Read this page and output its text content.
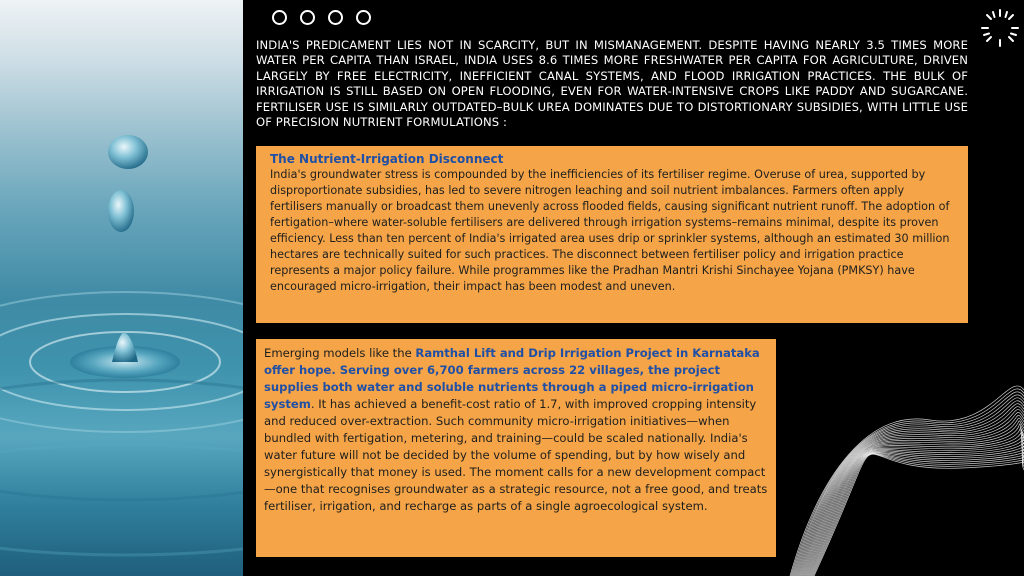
INDIA'S PREDICAMENT LIES NOT IN SCARCITY, BUT IN MISMANAGEMENT. DESPITE HAVING NEARLY 3.5 TIMES MORE WATER PER CAPITA THAN ISRAEL, INDIA USES 8.6 TIMES MORE FRESHWATER PER CAPITA FOR AGRICULTURE, DRIVEN LARGELY BY FREE ELECTRICITY, INEFFICIENT CANAL SYSTEMS, AND FLOOD IRRIGATION PRACTICES. THE BULK OF IRRIGATION IS STILL BASED ON OPEN FLOODING, EVEN FOR WATER-INTENSIVE CROPS LIKE PADDY AND SUGARCANE. FERTILISER USE IS SIMILARLY OUTDATED–BULK UREA DOMINATES DUE TO DISTORTIONARY SUBSIDIES, WITH LITTLE USE OF PRECISION NUTRIENT FORMULATIONS :

The Nutrient-Irrigation Disconnect
India's groundwater stress is compounded by the inefficiencies of its fertiliser regime. Overuse of urea, supported by disproportionate subsidies, has led to severe nitrogen leaching and soil nutrient imbalances. Farmers often apply fertilisers manually or broadcast them unevenly across flooded fields, causing significant nutrient runoff. The adoption of fertigation–where water-soluble fertilisers are delivered through irrigation systems–remains minimal, despite its proven efficiency. Less than ten percent of India's irrigated area uses drip or sprinkler systems, although an estimated 30 million hectares are technically suited for such practices. The disconnect between fertiliser policy and irrigation practice represents a major policy failure. While programmes like the Pradhan Mantri Krishi Sinchayee Yojana (PMKSY) have encouraged micro-irrigation, their impact has been modest and uneven.
Emerging models like the Ramthal Lift and Drip Irrigation Project in Karnataka offer hope. Serving over 6,700 farmers across 22 villages, the project supplies both water and soluble nutrients through a piped micro-irrigation system. It has achieved a benefit-cost ratio of 1.7, with improved cropping intensity and reduced over-extraction. Such community micro-irrigation initiatives—when bundled with fertigation, metering, and training—could be scaled nationally. India's water future will not be decided by the volume of spending, but by how wisely and synergistically that money is used. The moment calls for a new development compact—one that recognises groundwater as a strategic resource, not a free good, and treats fertiliser, irrigation, and recharge as parts of a single agroecological system.
